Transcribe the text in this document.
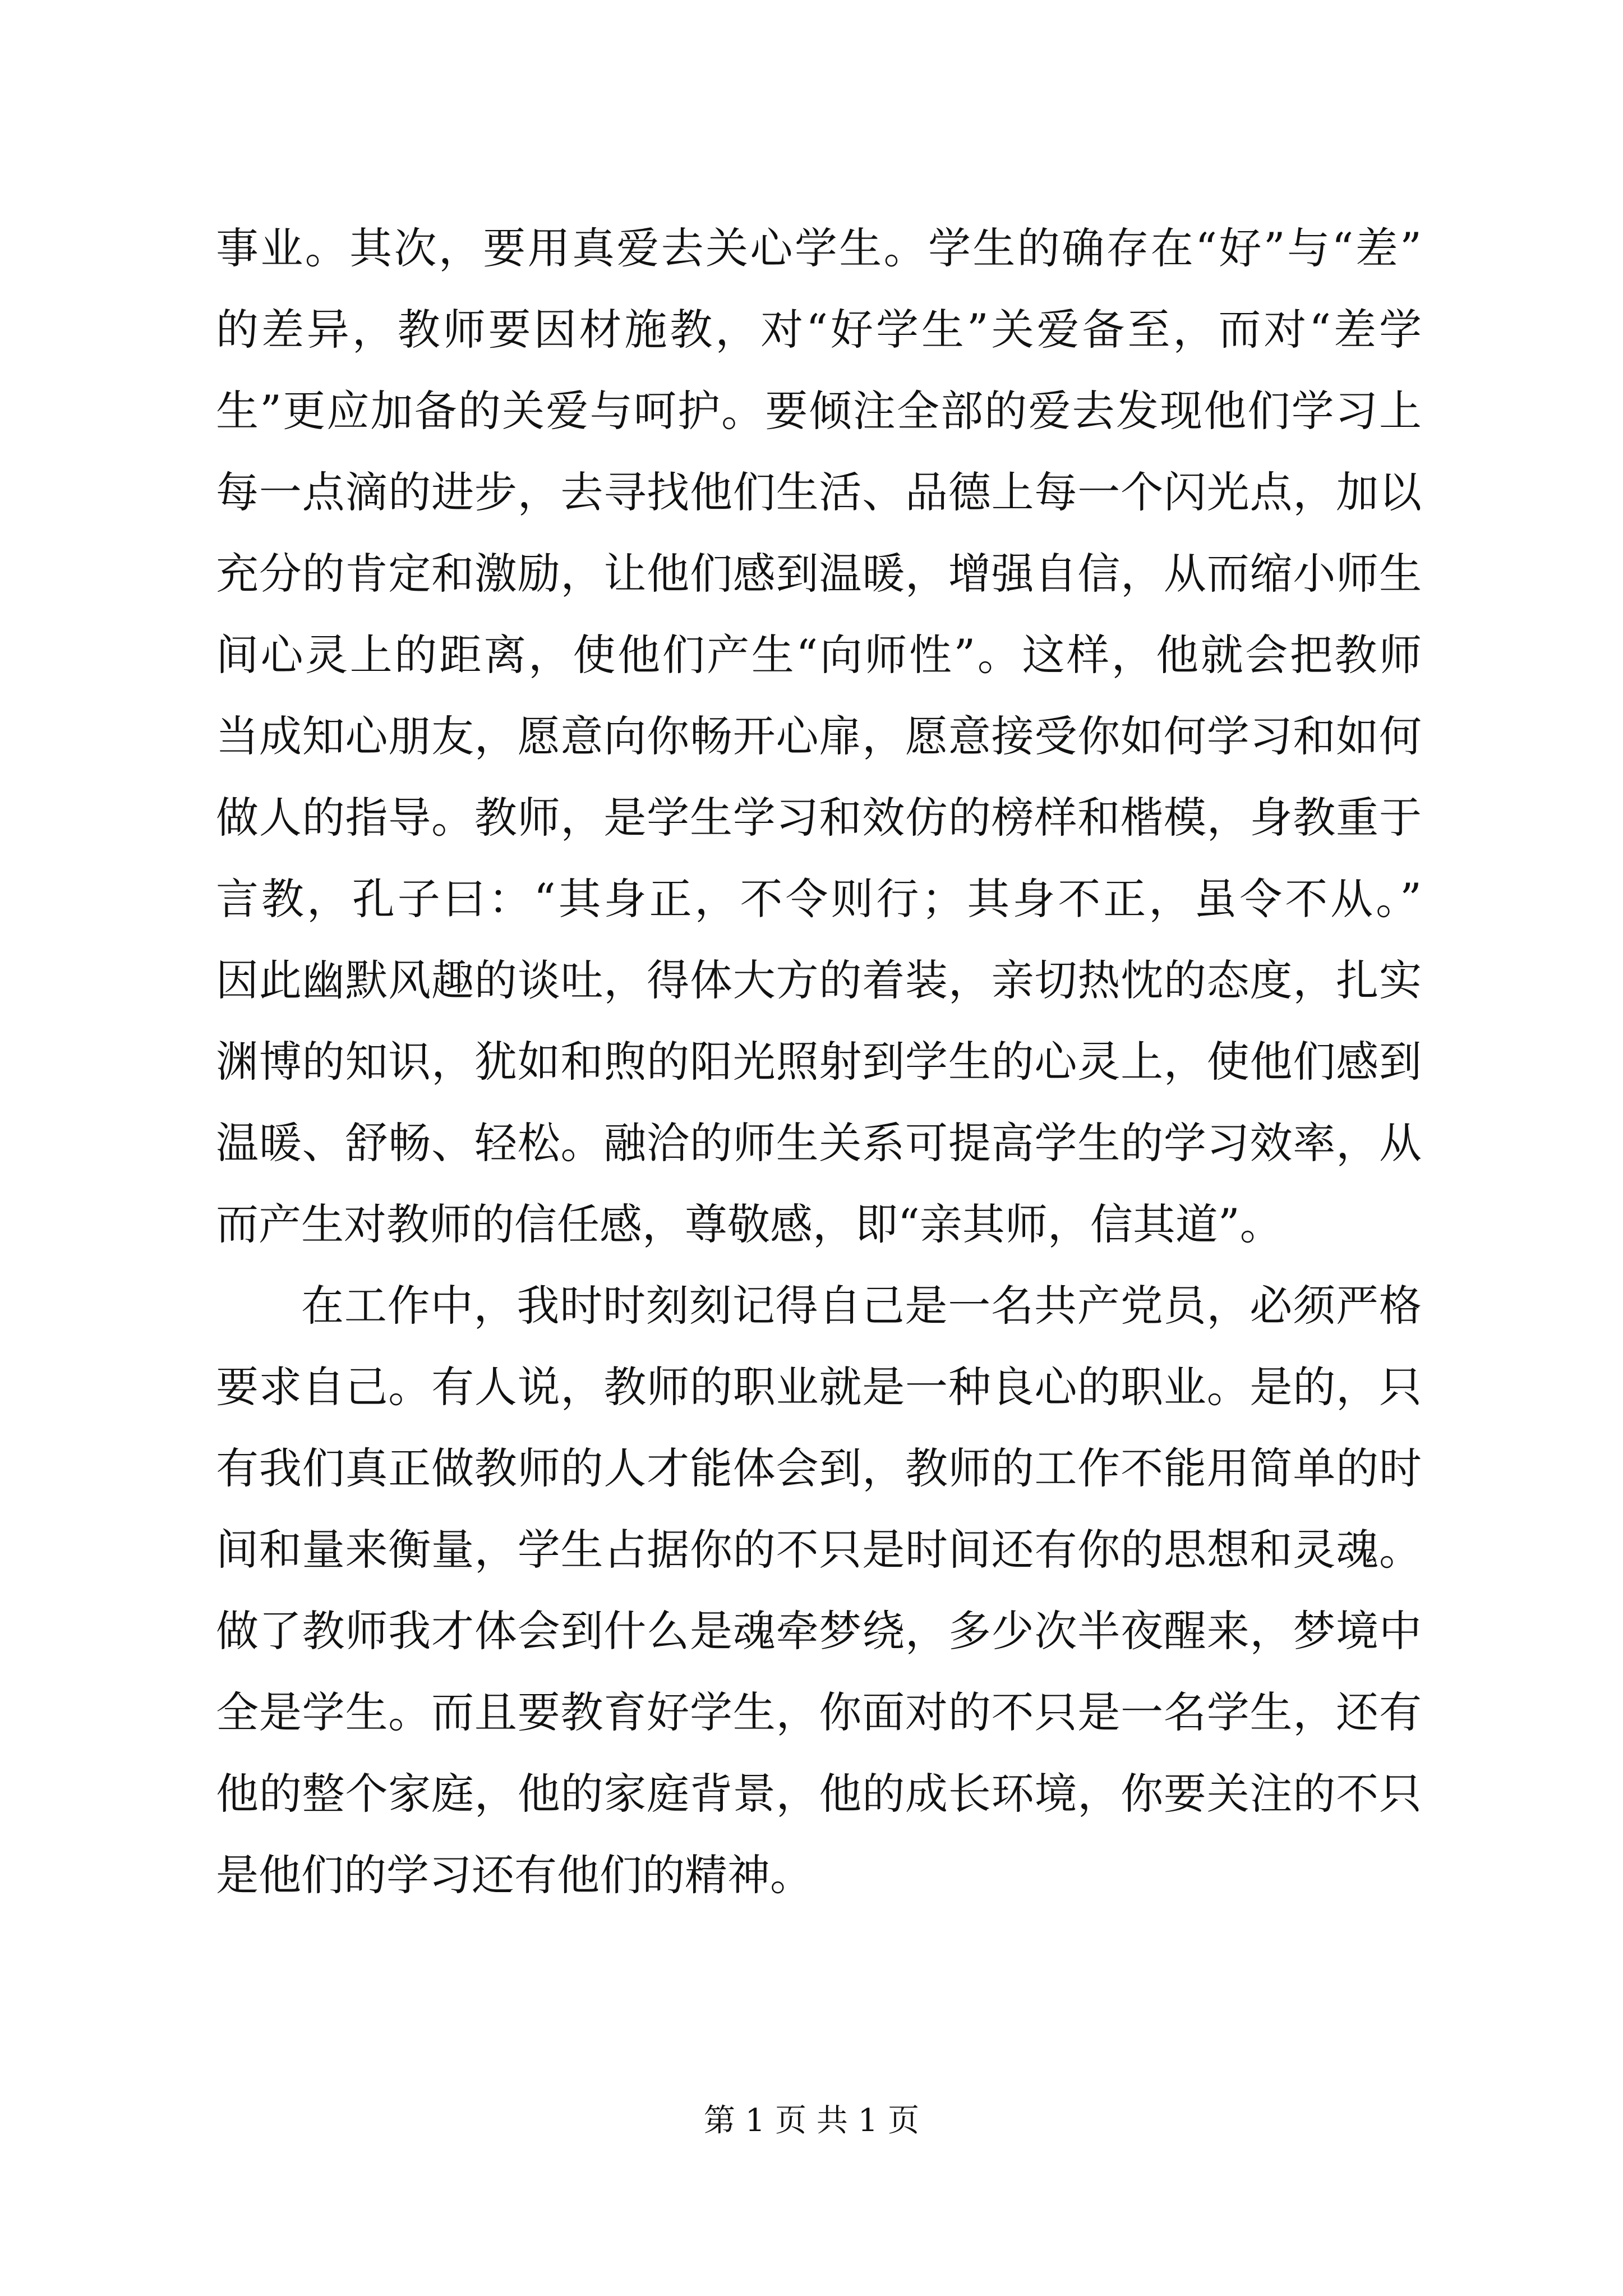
事业。其次，要用真爱去关心学生。学生的确存在“好”与“差”
的差异，教师要因材施教，对“好学生”关爱备至，而对“差学
生”更应加备的关爱与呵护。要倾注全部的爱去发现他们学习上
每一点滴的进步，去寻找他们生活、品德上每一个闪光点，加以
充分的肯定和激励，让他们感到温暖，增强自信，从而缩小师生
间心灵上的距离，使他们产生“向师性”。这样，他就会把教师
当成知心朋友，愿意向你畅开心扉，愿意接受你如何学习和如何
做人的指导。教师，是学生学习和效仿的榜样和楷模，身教重于
言教，孔子曰：“其身正，不令则行；其身不正，虽令不从。”
因此幽默风趣的谈吐，得体大方的着装，亲切热忱的态度，扎实
渊博的知识，犹如和煦的阳光照射到学生的心灵上，使他们感到
温暖、舒畅、轻松。融洽的师生关系可提高学生的学习效率，从
而产生对教师的信任感，尊敬感，即“亲其师，信其道”。
在工作中，我时时刻刻记得自己是一名共产党员，必须严格
要求自己。有人说，教师的职业就是一种良心的职业。是的，只
有我们真正做教师的人才能体会到，教师的工作不能用简单的时
间和量来衡量，学生占据你的不只是时间还有你的思想和灵魂。
做了教师我才体会到什么是魂牵梦绕，多少次半夜醒来，梦境中
全是学生。而且要教育好学生，你面对的不只是一名学生，还有
他的整个家庭，他的家庭背景，他的成长环境，你要关注的不只
是他们的学习还有他们的精神。
第 1 页 共 1 页
